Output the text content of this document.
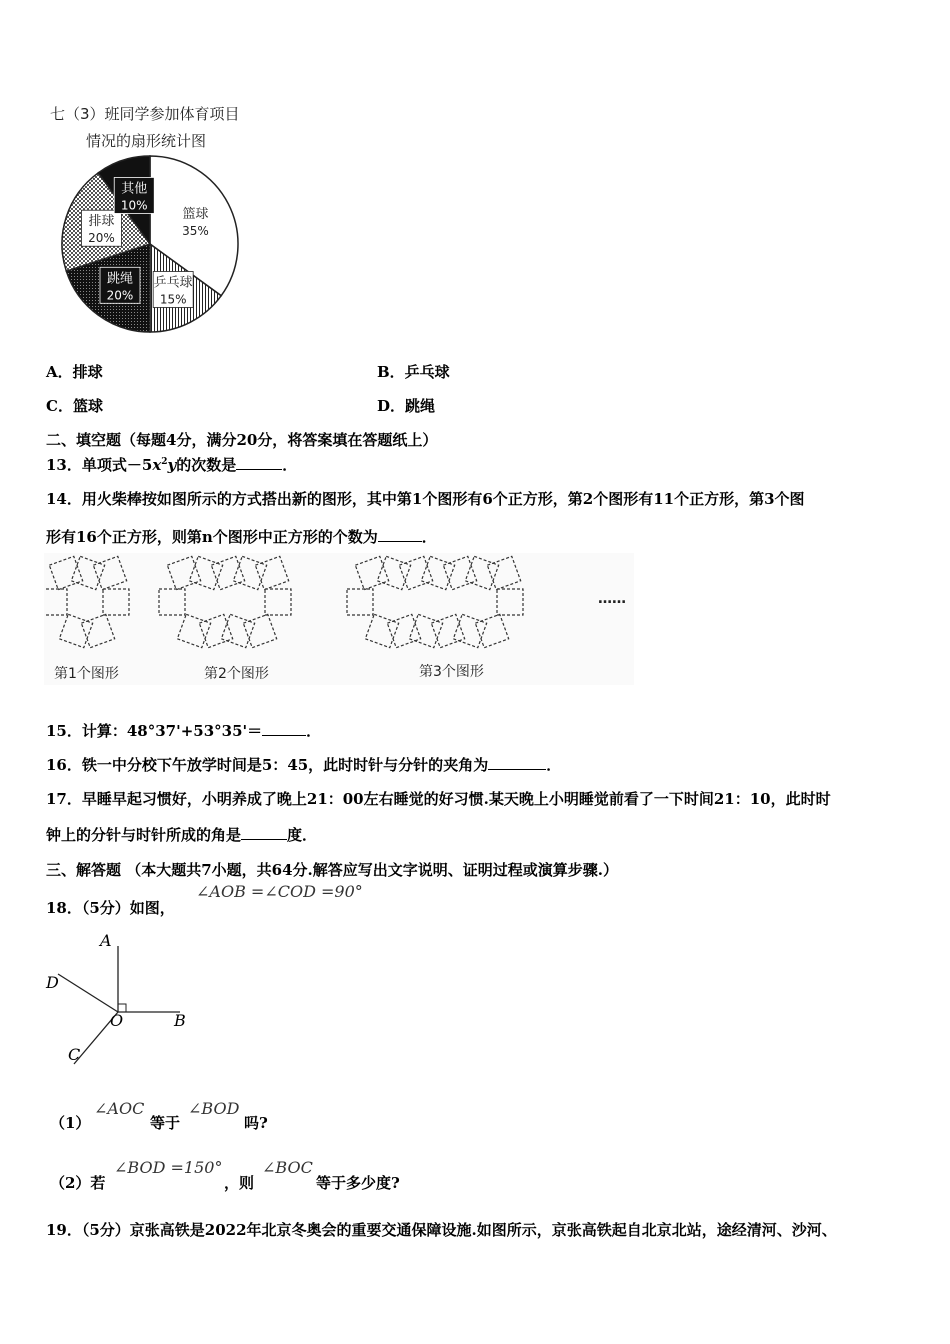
七（3）班同学参加体育项目
情况的扇形统计图
篮球
35%
乒乓球
15%
跳绳
20%
排球
20%
其他
10%
A．排球	B．乒乓球
C．篮球	D．跳绳
二、填空题（每题4分，满分20分，将答案填在答题纸上）
13．单项式$-5x^2y$的次数是	．
14．用火柴棒按如图所示的方式搭出新的图形，其中第1个图形有6个正方形，第2个图形有11个正方形，第3个图
形有16个正方形，则第n个图形中正方形的个数为	．
第1个图形	第2个图形	第3个图形
……
15．计算：48°37'+53°35'＝	．
16．铁一中分校下午放学时间是5：45，此时时针与分针的夹角为	．
17．早睡早起习惯好，小明养成了晚上21：00左右睡觉的好习惯.某天晚上小明睡觉前看了一下时间21：10，此时时
钟上的分针与时针所成的角是	度．
三、解答题 （本大题共7小题，共64分.解答应写出文字说明、证明过程或演算步骤.）
18．（5分）如图，
∠AOB =∠COD =90°
A
B
C
D
O
（1）
∠AOC
等于
∠BOD
吗?
（2）若
∠BOD =150°
，则
∠BOC
等于多少度?
19．（5分）京张高铁是2022年北京冬奥会的重要交通保障设施.如图所示，京张高铁起自北京北站，途经清河、沙河、
